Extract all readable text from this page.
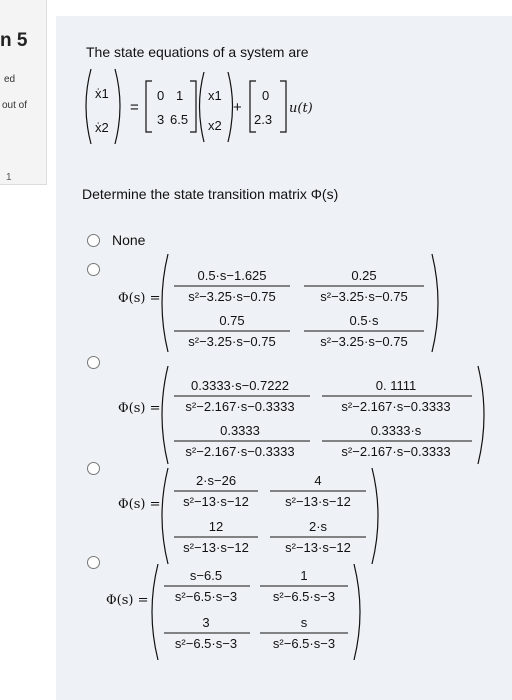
n 5
ed
out of
1
The state equations of a system are
ẋ1
ẋ2
=
0 1
3 6.5
x1
x2
+
0
2.3
u(t)
Determine the state transition matrix Φ(s)
None
Φ(s) =
0.5·s−1.625
s²−3.25·s−0.75
0.25
s²−3.25·s−0.75
0.75
s²−3.25·s−0.75
0.5·s
s²−3.25·s−0.75
Φ(s) =
0.3333·s−0.7222
s²−2.167·s−0.3333
0. 1111
s²−2.167·s−0.3333
0.3333
s²−2.167·s−0.3333
0.3333·s
s²−2.167·s−0.3333
Φ(s) =
2·s−26
s²−13·s−12
4
s²−13·s−12
12
s²−13·s−12
2·s
s²−13·s−12
Φ(s) =
s−6.5
s²−6.5·s−3
1
s²−6.5·s−3
3
s²−6.5·s−3
s
s²−6.5·s−3
